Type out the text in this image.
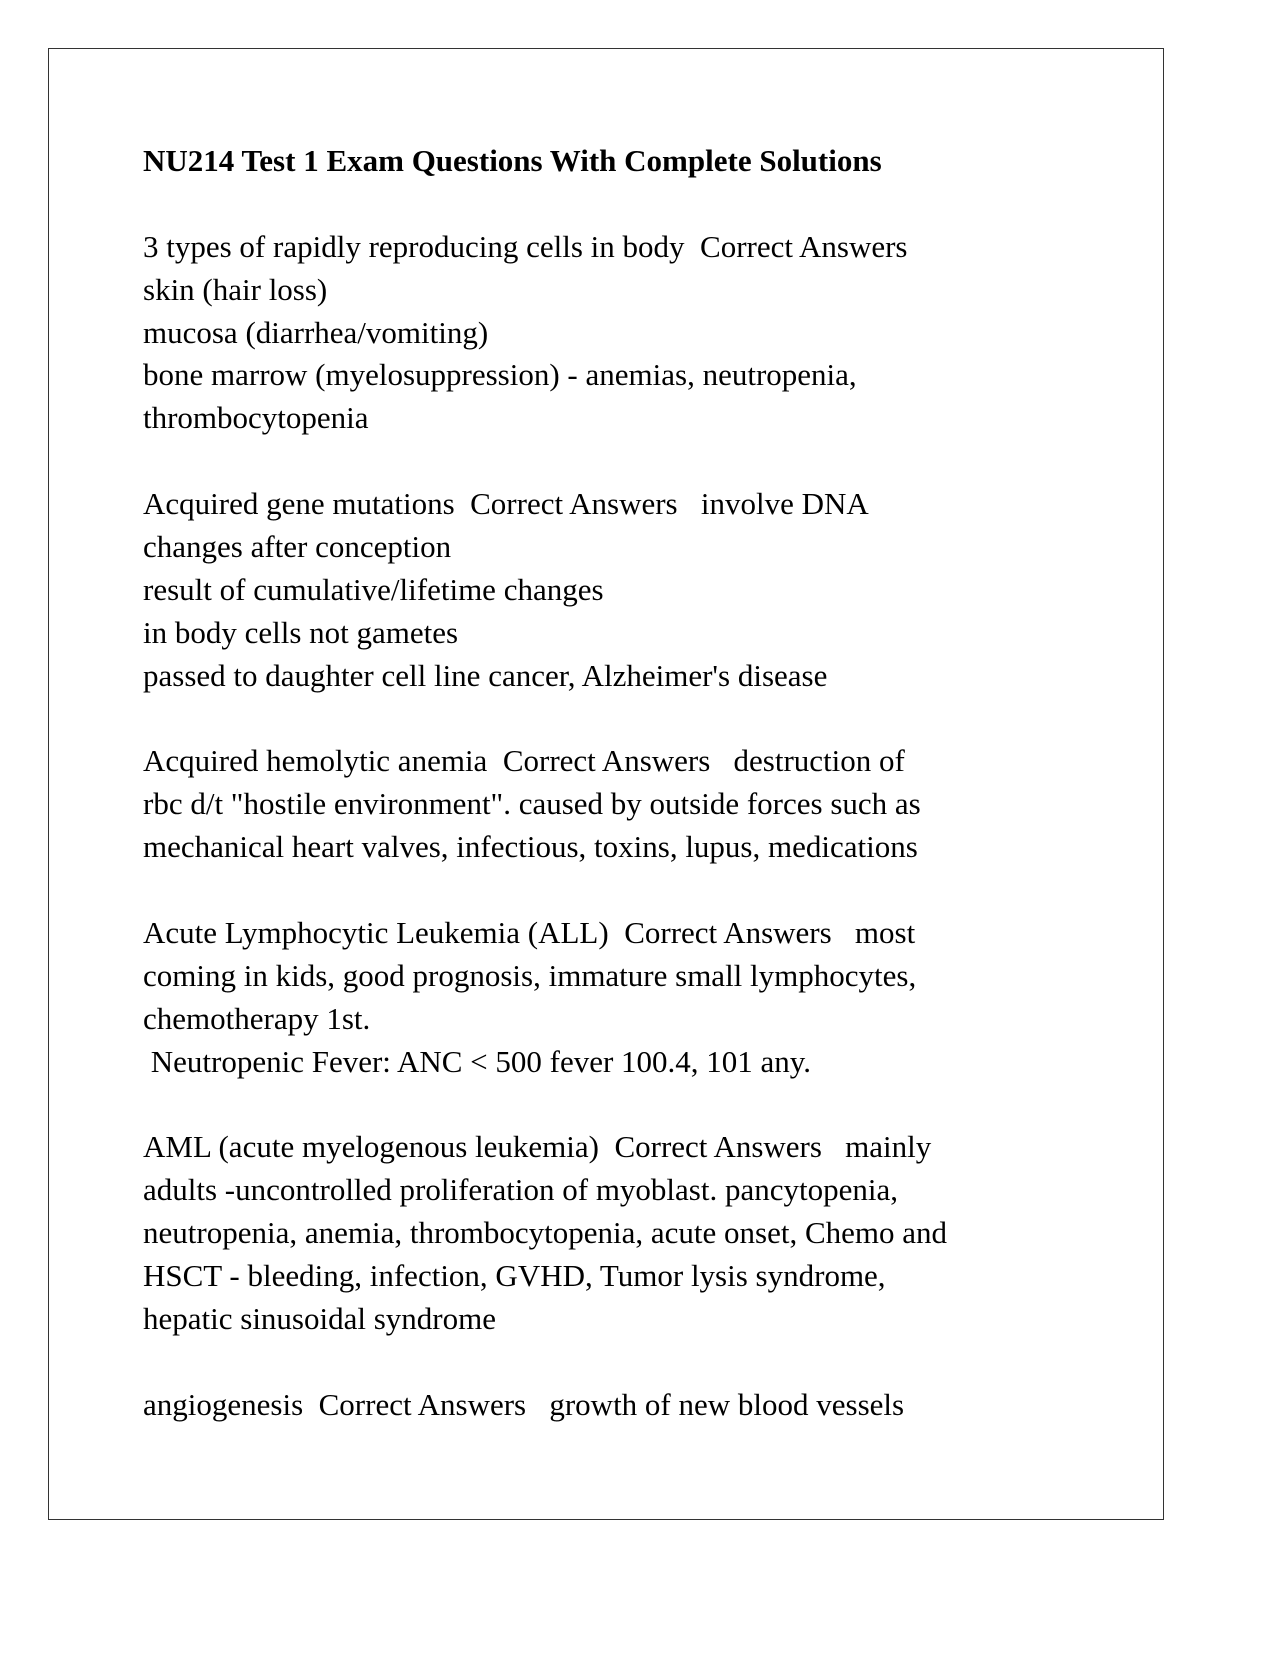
NU214 Test 1 Exam Questions With Complete Solutions
3 types of rapidly reproducing cells in body  Correct Answers
skin (hair loss)
mucosa (diarrhea/vomiting)
bone marrow (myelosuppression) - anemias, neutropenia,
thrombocytopenia
Acquired gene mutations  Correct Answers   involve DNA
changes after conception
result of cumulative/lifetime changes
in body cells not gametes
passed to daughter cell line cancer, Alzheimer's disease
Acquired hemolytic anemia  Correct Answers   destruction of
rbc d/t "hostile environment". caused by outside forces such as
mechanical heart valves, infectious, toxins, lupus, medications
Acute Lymphocytic Leukemia (ALL)  Correct Answers   most
coming in kids, good prognosis, immature small lymphocytes,
chemotherapy 1st.
Neutropenic Fever: ANC < 500 fever 100.4, 101 any.
AML (acute myelogenous leukemia)  Correct Answers   mainly
adults -uncontrolled proliferation of myoblast. pancytopenia,
neutropenia, anemia, thrombocytopenia, acute onset, Chemo and
HSCT - bleeding, infection, GVHD, Tumor lysis syndrome,
hepatic sinusoidal syndrome
angiogenesis  Correct Answers   growth of new blood vessels
